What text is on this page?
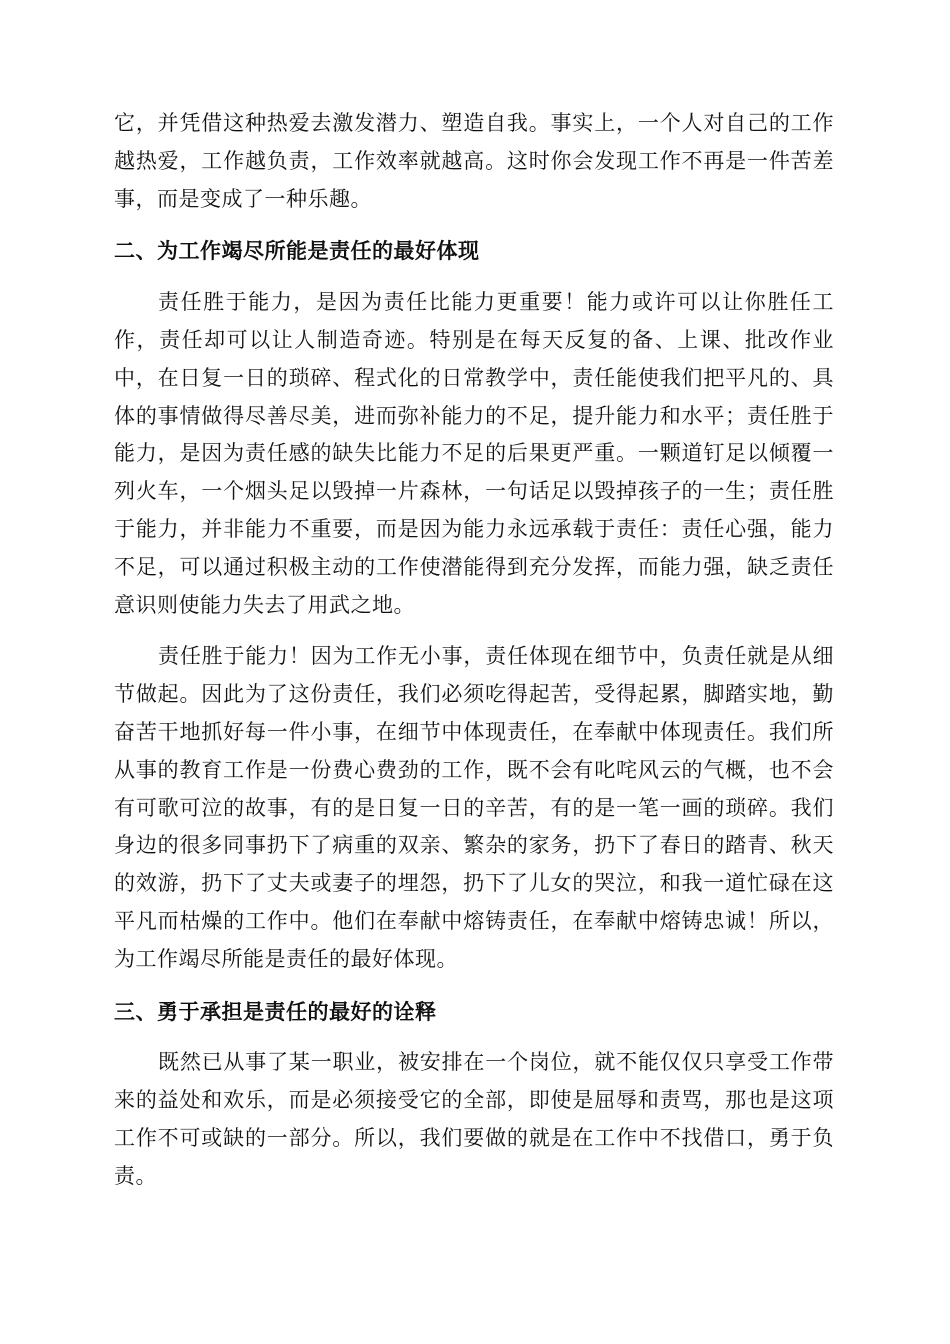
它，并凭借这种热爱去激发潜力、塑造自我。事实上，一个人对自己的工作越热爱，工作越负责，工作效率就越高。这时你会发现工作不再是一件苦差事，而是变成了一种乐趣。

二、为工作竭尽所能是责任的最好体现

责任胜于能力，是因为责任比能力更重要！能力或许可以让你胜任工作，责任却可以让人制造奇迹。特别是在每天反复的备、上课、批改作业中，在日复一日的琐碎、程式化的日常教学中，责任能使我们把平凡的、具体的事情做得尽善尽美，进而弥补能力的不足，提升能力和水平；责任胜于能力，是因为责任感的缺失比能力不足的后果更严重。一颗道钉足以倾覆一列火车，一个烟头足以毁掉一片森林，一句话足以毁掉孩子的一生；责任胜于能力，并非能力不重要，而是因为能力永远承载于责任：责任心强，能力不足，可以通过积极主动的工作使潜能得到充分发挥，而能力强，缺乏责任意识则使能力失去了用武之地。

责任胜于能力！因为工作无小事，责任体现在细节中，负责任就是从细节做起。因此为了这份责任，我们必须吃得起苦，受得起累，脚踏实地，勤奋苦干地抓好每一件小事，在细节中体现责任，在奉献中体现责任。我们所从事的教育工作是一份费心费劲的工作，既不会有叱咤风云的气概，也不会有可歌可泣的故事，有的是日复一日的辛苦，有的是一笔一画的琐碎。我们身边的很多同事扔下了病重的双亲、繁杂的家务，扔下了春日的踏青、秋天的效游，扔下了丈夫或妻子的埋怨，扔下了儿女的哭泣，和我一道忙碌在这平凡而枯燥的工作中。他们在奉献中熔铸责任，在奉献中熔铸忠诚！所以，为工作竭尽所能是责任的最好体现。

三、勇于承担是责任的最好的诠释

既然已从事了某一职业，被安排在一个岗位，就不能仅仅只享受工作带来的益处和欢乐，而是必须接受它的全部，即使是屈辱和责骂，那也是这项工作不可或缺的一部分。所以，我们要做的就是在工作中不找借口，勇于负责。
